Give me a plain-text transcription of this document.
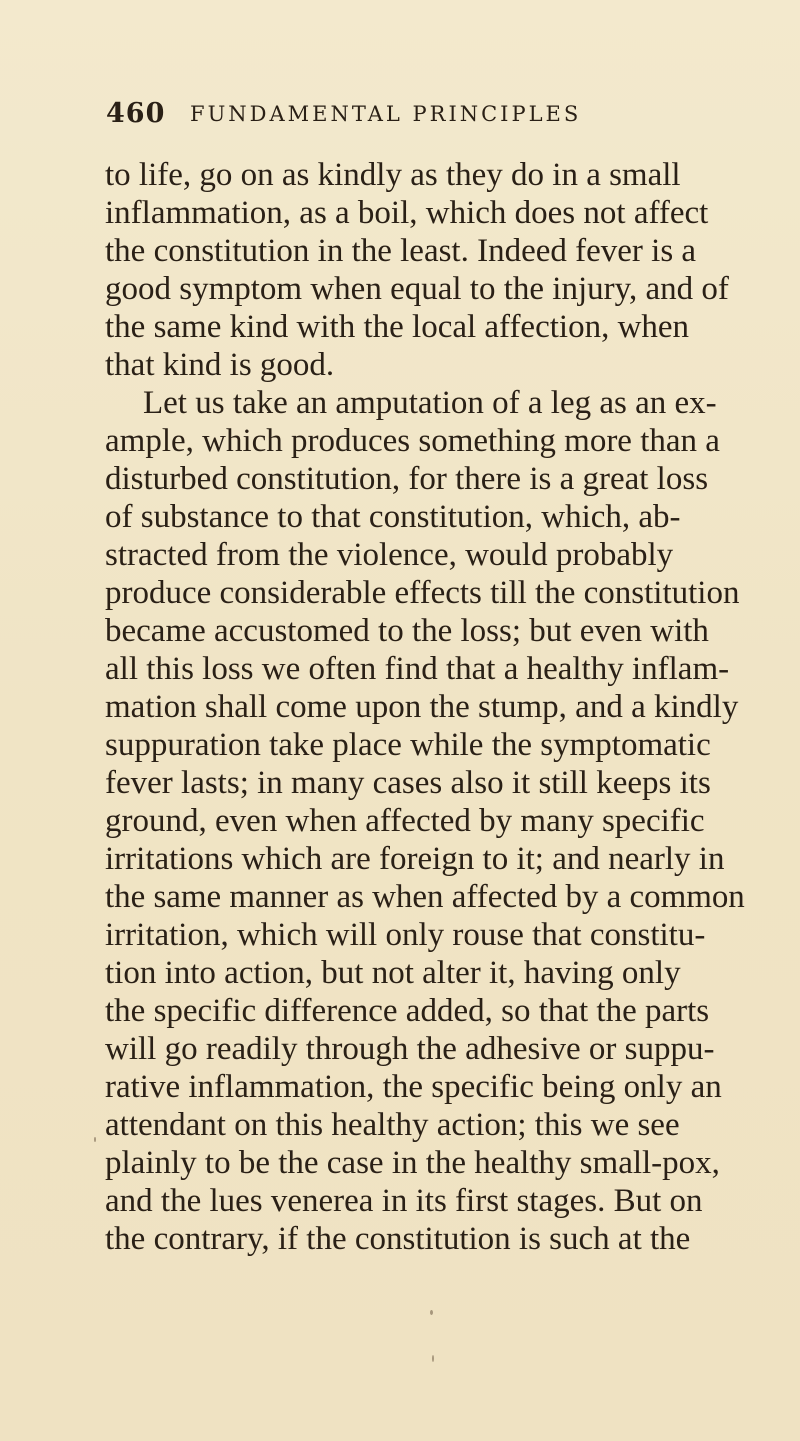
460 FUNDAMENTAL PRINCIPLES
to life, go on as kindly as they do in a small
inflammation, as a boil, which does not affect
the constitution in the least. Indeed fever is a
good symptom when equal to the injury, and of
the same kind with the local affection, when
that kind is good.
Let us take an amputation of a leg as an ex-
ample, which produces something more than a
disturbed constitution, for there is a great loss
of substance to that constitution, which, ab-
stracted from the violence, would probably
produce considerable effects till the constitution
became accustomed to the loss; but even with
all this loss we often find that a healthy inflam-
mation shall come upon the stump, and a kindly
suppuration take place while the symptomatic
fever lasts; in many cases also it still keeps its
ground, even when affected by many specific
irritations which are foreign to it; and nearly in
the same manner as when affected by a common
irritation, which will only rouse that constitu-
tion into action, but not alter it, having only
the specific difference added, so that the parts
will go readily through the adhesive or suppu-
rative inflammation, the specific being only an
attendant on this healthy action; this we see
plainly to be the case in the healthy small-pox,
and the lues venerea in its first stages. But on
the contrary, if the constitution is such at the
